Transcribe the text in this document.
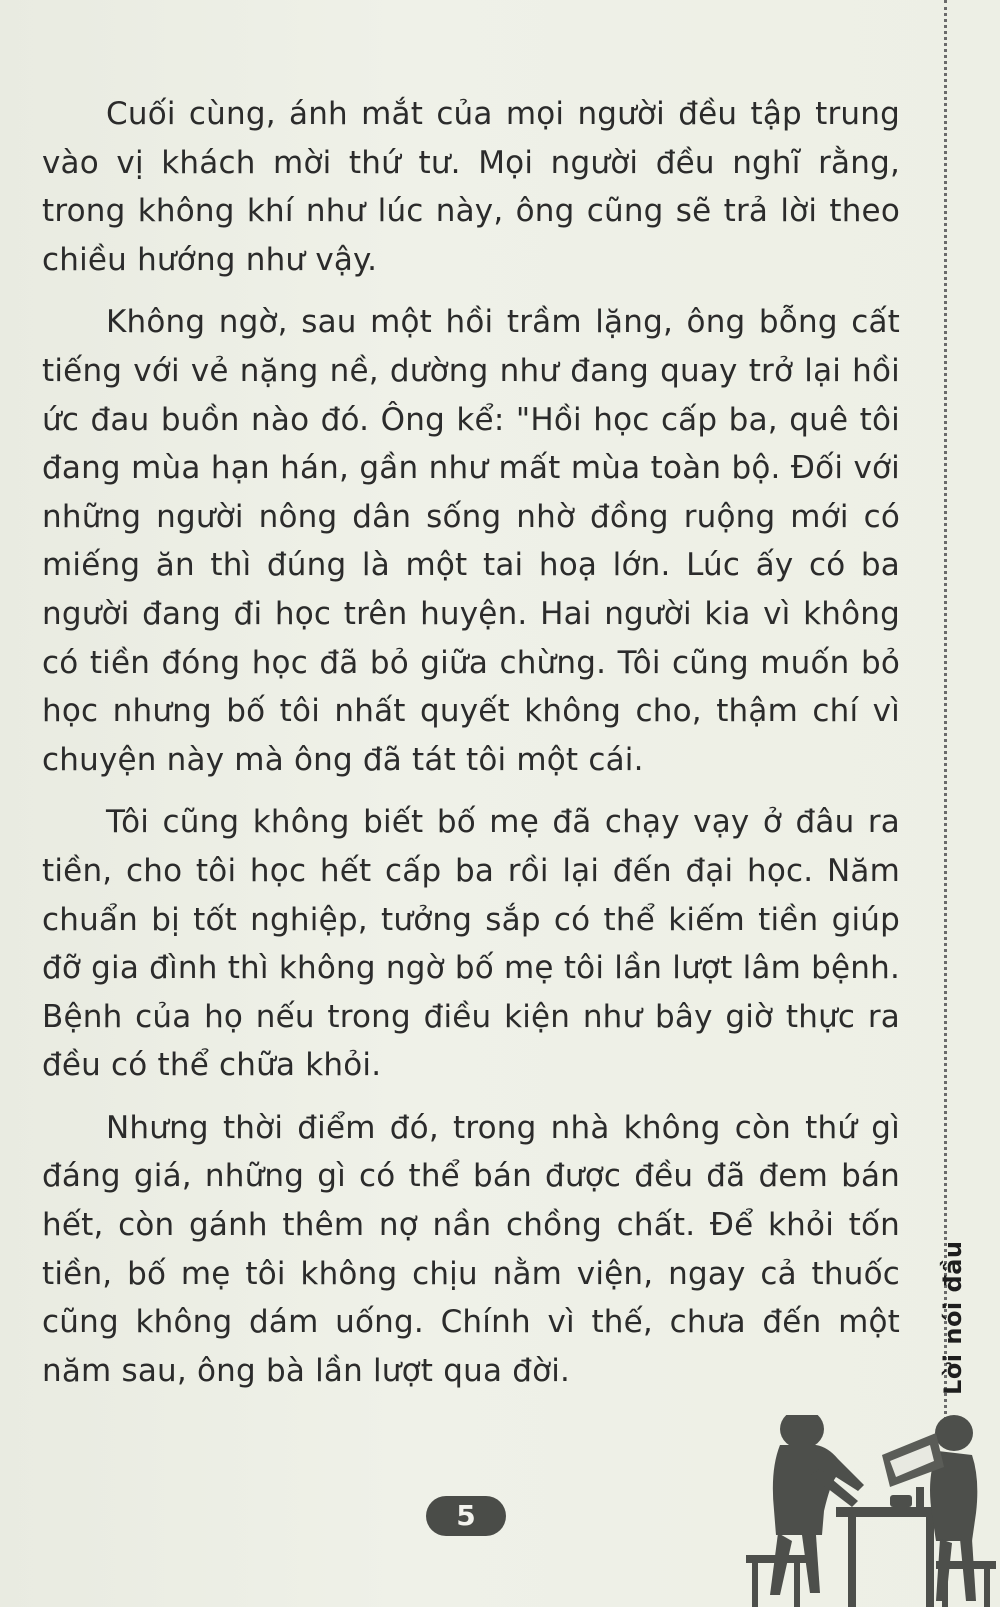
Cuối cùng, ánh mắt của mọi người đều tập trung vào vị khách mời thứ tư. Mọi người đều nghĩ rằng, trong không khí như lúc này, ông cũng sẽ trả lời theo chiều hướng như vậy.

Không ngờ, sau một hồi trầm lặng, ông bỗng cất tiếng với vẻ nặng nề, dường như đang quay trở lại hồi ức đau buồn nào đó. Ông kể: "Hồi học cấp ba, quê tôi đang mùa hạn hán, gần như mất mùa toàn bộ. Đối với những người nông dân sống nhờ đồng ruộng mới có miếng ăn thì đúng là một tai hoạ lớn. Lúc ấy có ba người đang đi học trên huyện. Hai người kia vì không có tiền đóng học đã bỏ giữa chừng. Tôi cũng muốn bỏ học nhưng bố tôi nhất quyết không cho, thậm chí vì chuyện này mà ông đã tát tôi một cái.

Tôi cũng không biết bố mẹ đã chạy vạy ở đâu ra tiền, cho tôi học hết cấp ba rồi lại đến đại học. Năm chuẩn bị tốt nghiệp, tưởng sắp có thể kiếm tiền giúp đỡ gia đình thì không ngờ bố mẹ tôi lần lượt lâm bệnh. Bệnh của họ nếu trong điều kiện như bây giờ thực ra đều có thể chữa khỏi.

Nhưng thời điểm đó, trong nhà không còn thứ gì đáng giá, những gì có thể bán được đều đã đem bán hết, còn gánh thêm nợ nần chồng chất. Để khỏi tốn tiền, bố mẹ tôi không chịu nằm viện, ngay cả thuốc cũng không dám uống. Chính vì thế, chưa đến một năm sau, ông bà lần lượt qua đời.	Lời nói đầu
5
